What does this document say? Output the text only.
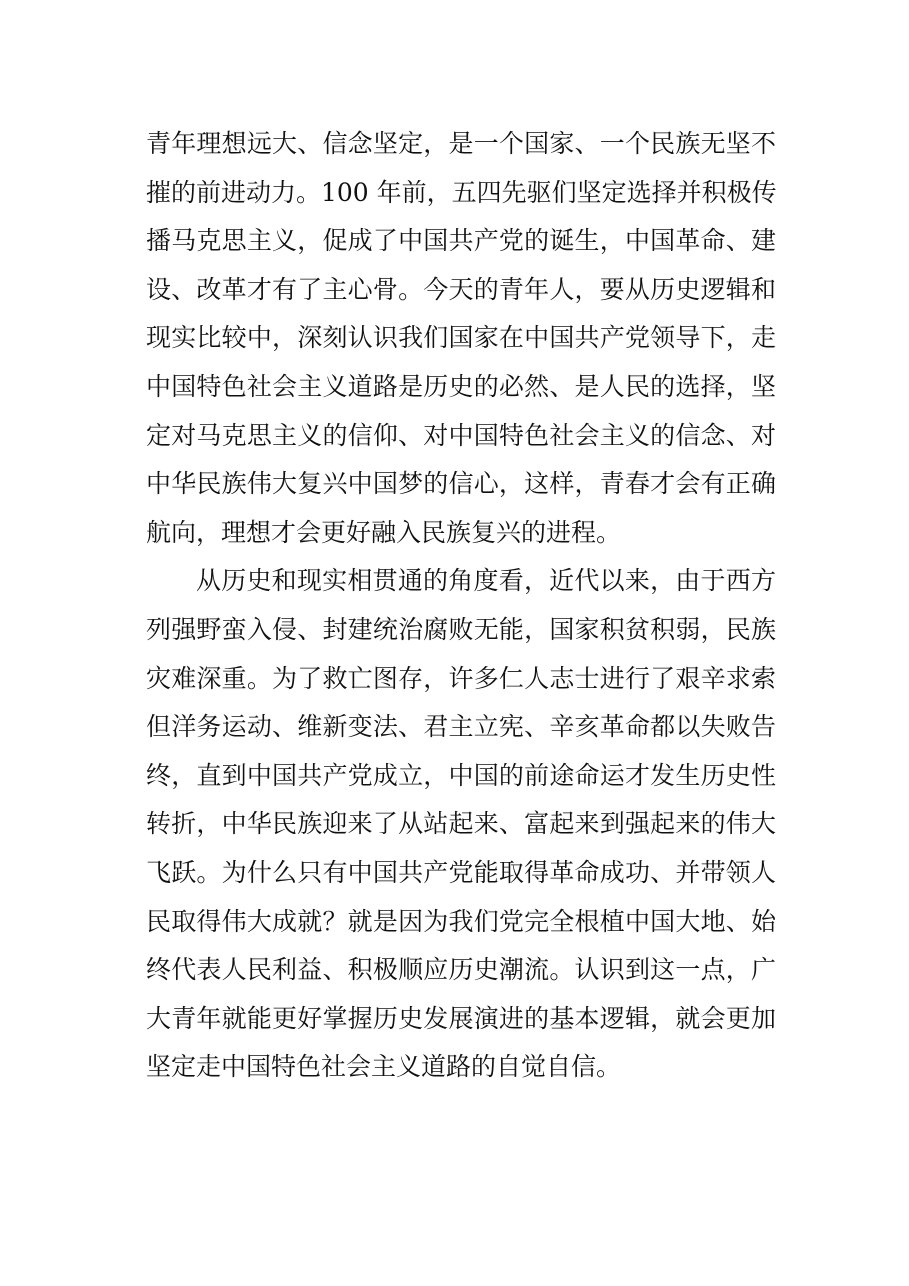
青年理想远大、信念坚定，是一个国家、一个民族无坚不
摧的前进动力。100 年前，五四先驱们坚定选择并积极传
播马克思主义，促成了中国共产党的诞生，中国革命、建
设、改革才有了主心骨。今天的青年人，要从历史逻辑和
现实比较中，深刻认识我们国家在中国共产党领导下，走
中国特色社会主义道路是历史的必然、是人民的选择，坚
定对马克思主义的信仰、对中国特色社会主义的信念、对
中华民族伟大复兴中国梦的信心，这样，青春才会有正确
航向，理想才会更好融入民族复兴的进程。
从历史和现实相贯通的角度看，近代以来，由于西方
列强野蛮入侵、封建统治腐败无能，国家积贫积弱，民族
灾难深重。为了救亡图存，许多仁人志士进行了艰辛求索
但洋务运动、维新变法、君主立宪、辛亥革命都以失败告
终，直到中国共产党成立，中国的前途命运才发生历史性
转折，中华民族迎来了从站起来、富起来到强起来的伟大
飞跃。为什么只有中国共产党能取得革命成功、并带领人
民取得伟大成就？就是因为我们党完全根植中国大地、始
终代表人民利益、积极顺应历史潮流。认识到这一点，广
大青年就能更好掌握历史发展演进的基本逻辑，就会更加
坚定走中国特色社会主义道路的自觉自信。
